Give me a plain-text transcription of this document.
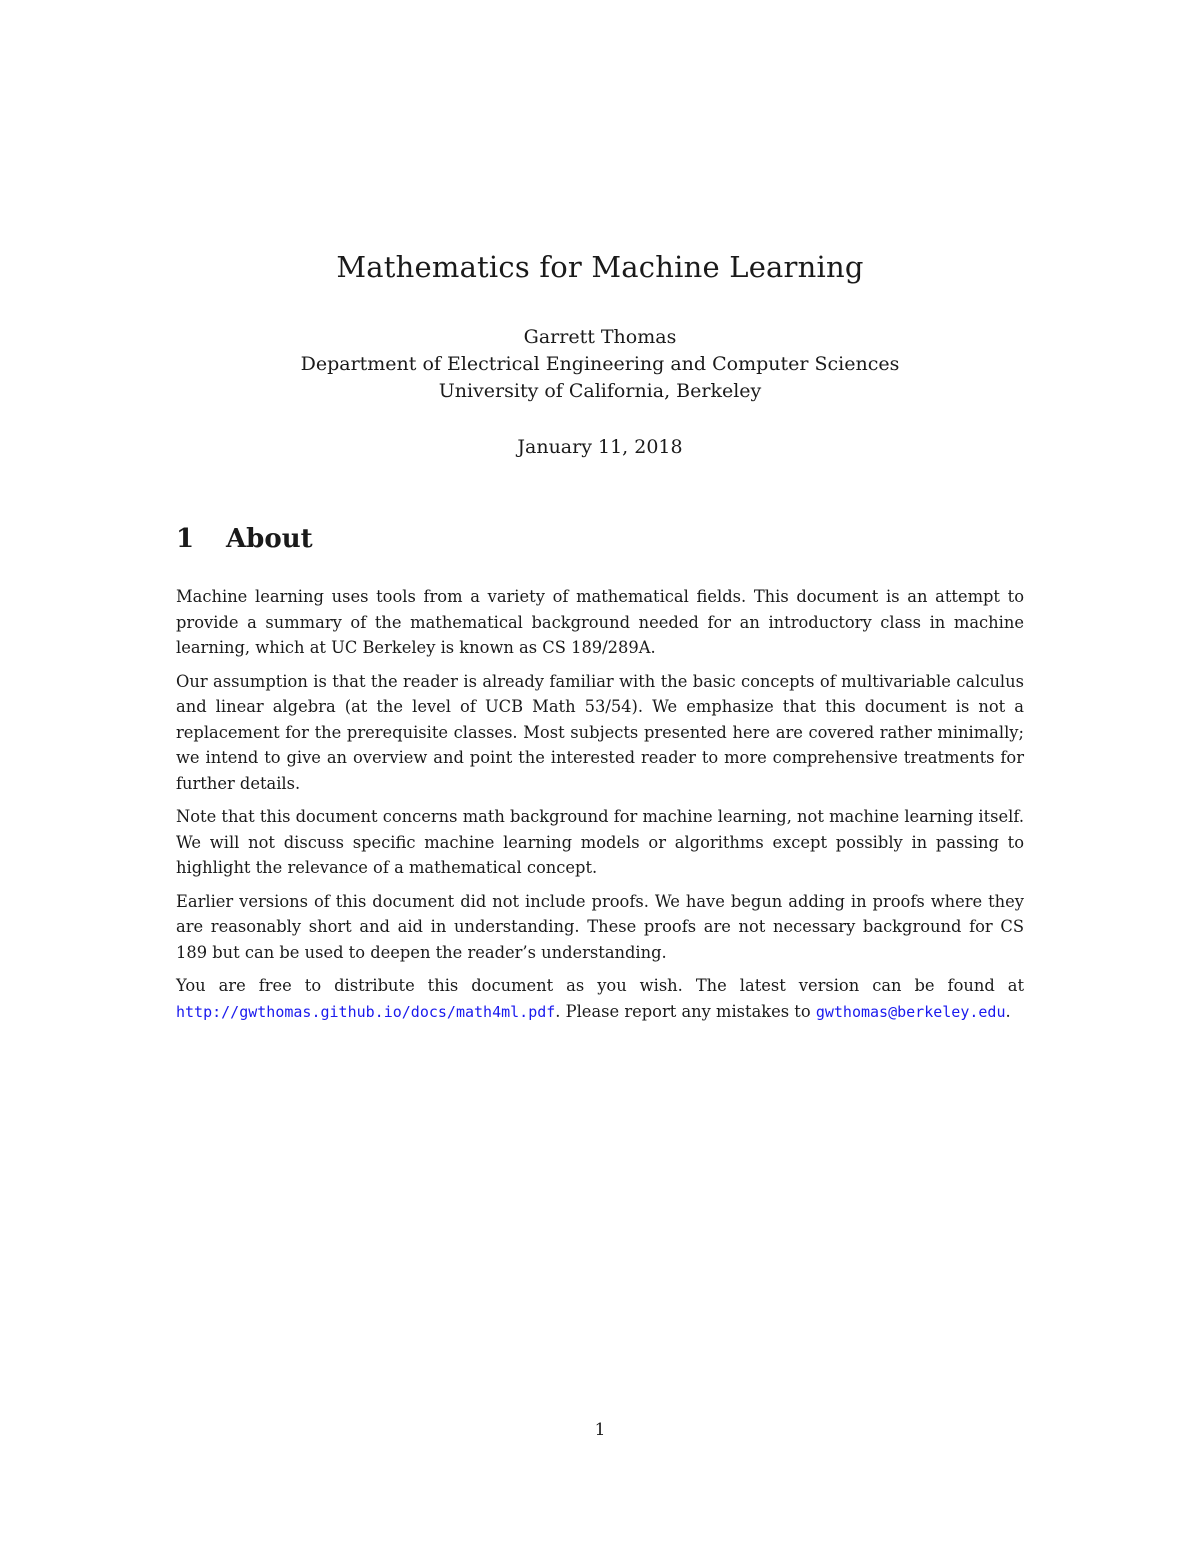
Mathematics for Machine Learning
Garrett Thomas
Department of Electrical Engineering and Computer Sciences
University of California, Berkeley
January 11, 2018
1	About

Machine learning uses tools from a variety of mathematical fields. This document is an attempt to provide a summary of the mathematical background needed for an introductory class in machine learning, which at UC Berkeley is known as CS 189/289A.

Our assumption is that the reader is already familiar with the basic concepts of multivariable calculus and linear algebra (at the level of UCB Math 53/54). We emphasize that this document is not a replacement for the prerequisite classes. Most subjects presented here are covered rather minimally; we intend to give an overview and point the interested reader to more comprehensive treatments for further details.

Note that this document concerns math background for machine learning, not machine learning itself. We will not discuss specific machine learning models or algorithms except possibly in passing to highlight the relevance of a mathematical concept.

Earlier versions of this document did not include proofs. We have begun adding in proofs where they are reasonably short and aid in understanding. These proofs are not necessary background for CS 189 but can be used to deepen the reader’s understanding.

You are free to distribute this document as you wish. The latest version can be found at http://gwthomas.github.io/docs/math4ml.pdf. Please report any mistakes to gwthomas@berkeley.edu.

1
